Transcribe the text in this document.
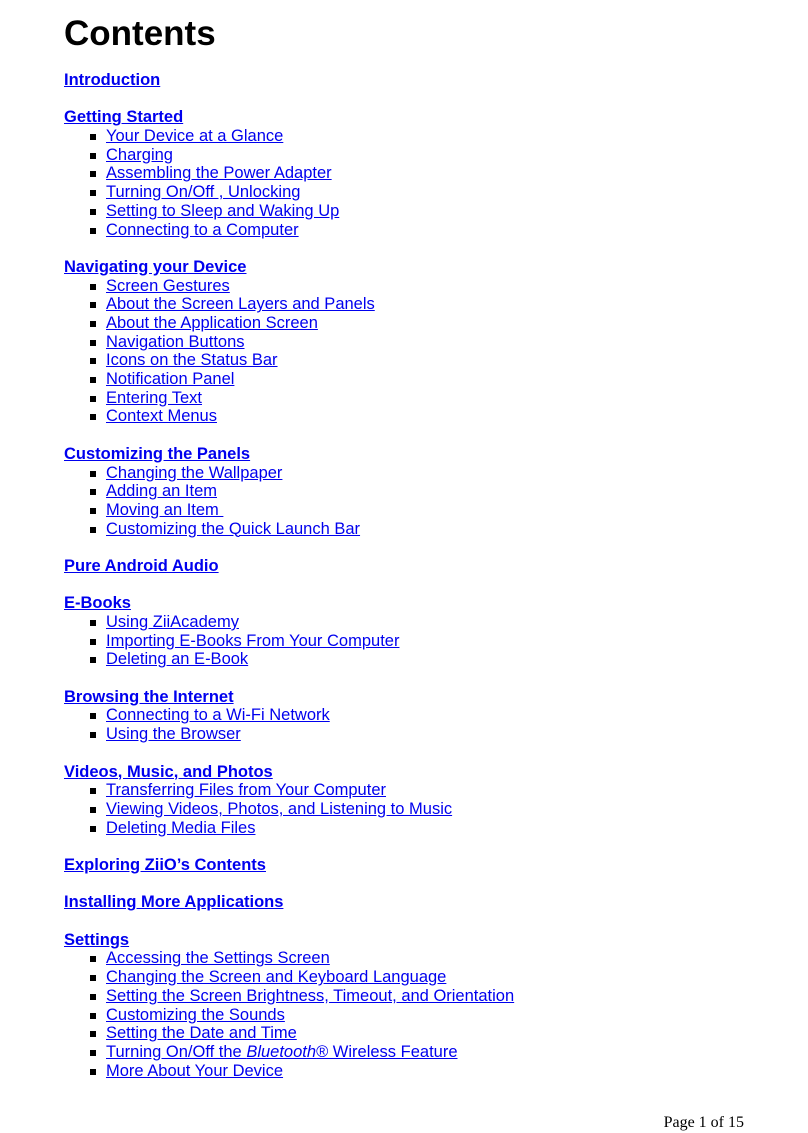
Contents
Introduction
Getting Started
Your Device at a Glance
Charging
Assembling the Power Adapter
Turning On/Off , Unlocking
Setting to Sleep and Waking Up
Connecting to a Computer
Navigating your Device
Screen Gestures
About the Screen Layers and Panels
About the Application Screen
Navigation Buttons
Icons on the Status Bar
Notification Panel
Entering Text
Context Menus
Customizing the Panels
Changing the Wallpaper
Adding an Item
Moving an Item
Customizing the Quick Launch Bar
Pure Android Audio
E-Books
Using ZiiAcademy
Importing E-Books From Your Computer
Deleting an E-Book
Browsing the Internet
Connecting to a Wi-Fi Network
Using the Browser
Videos, Music, and Photos
Transferring Files from Your Computer
Viewing Videos, Photos, and Listening to Music
Deleting Media Files
Exploring ZiiO’s Contents
Installing More Applications
Settings
Accessing the Settings Screen
Changing the Screen and Keyboard Language
Setting the Screen Brightness, Timeout, and Orientation
Customizing the Sounds
Setting the Date and Time
Turning On/Off the Bluetooth® Wireless Feature
More About Your Device
Page 1 of 15
